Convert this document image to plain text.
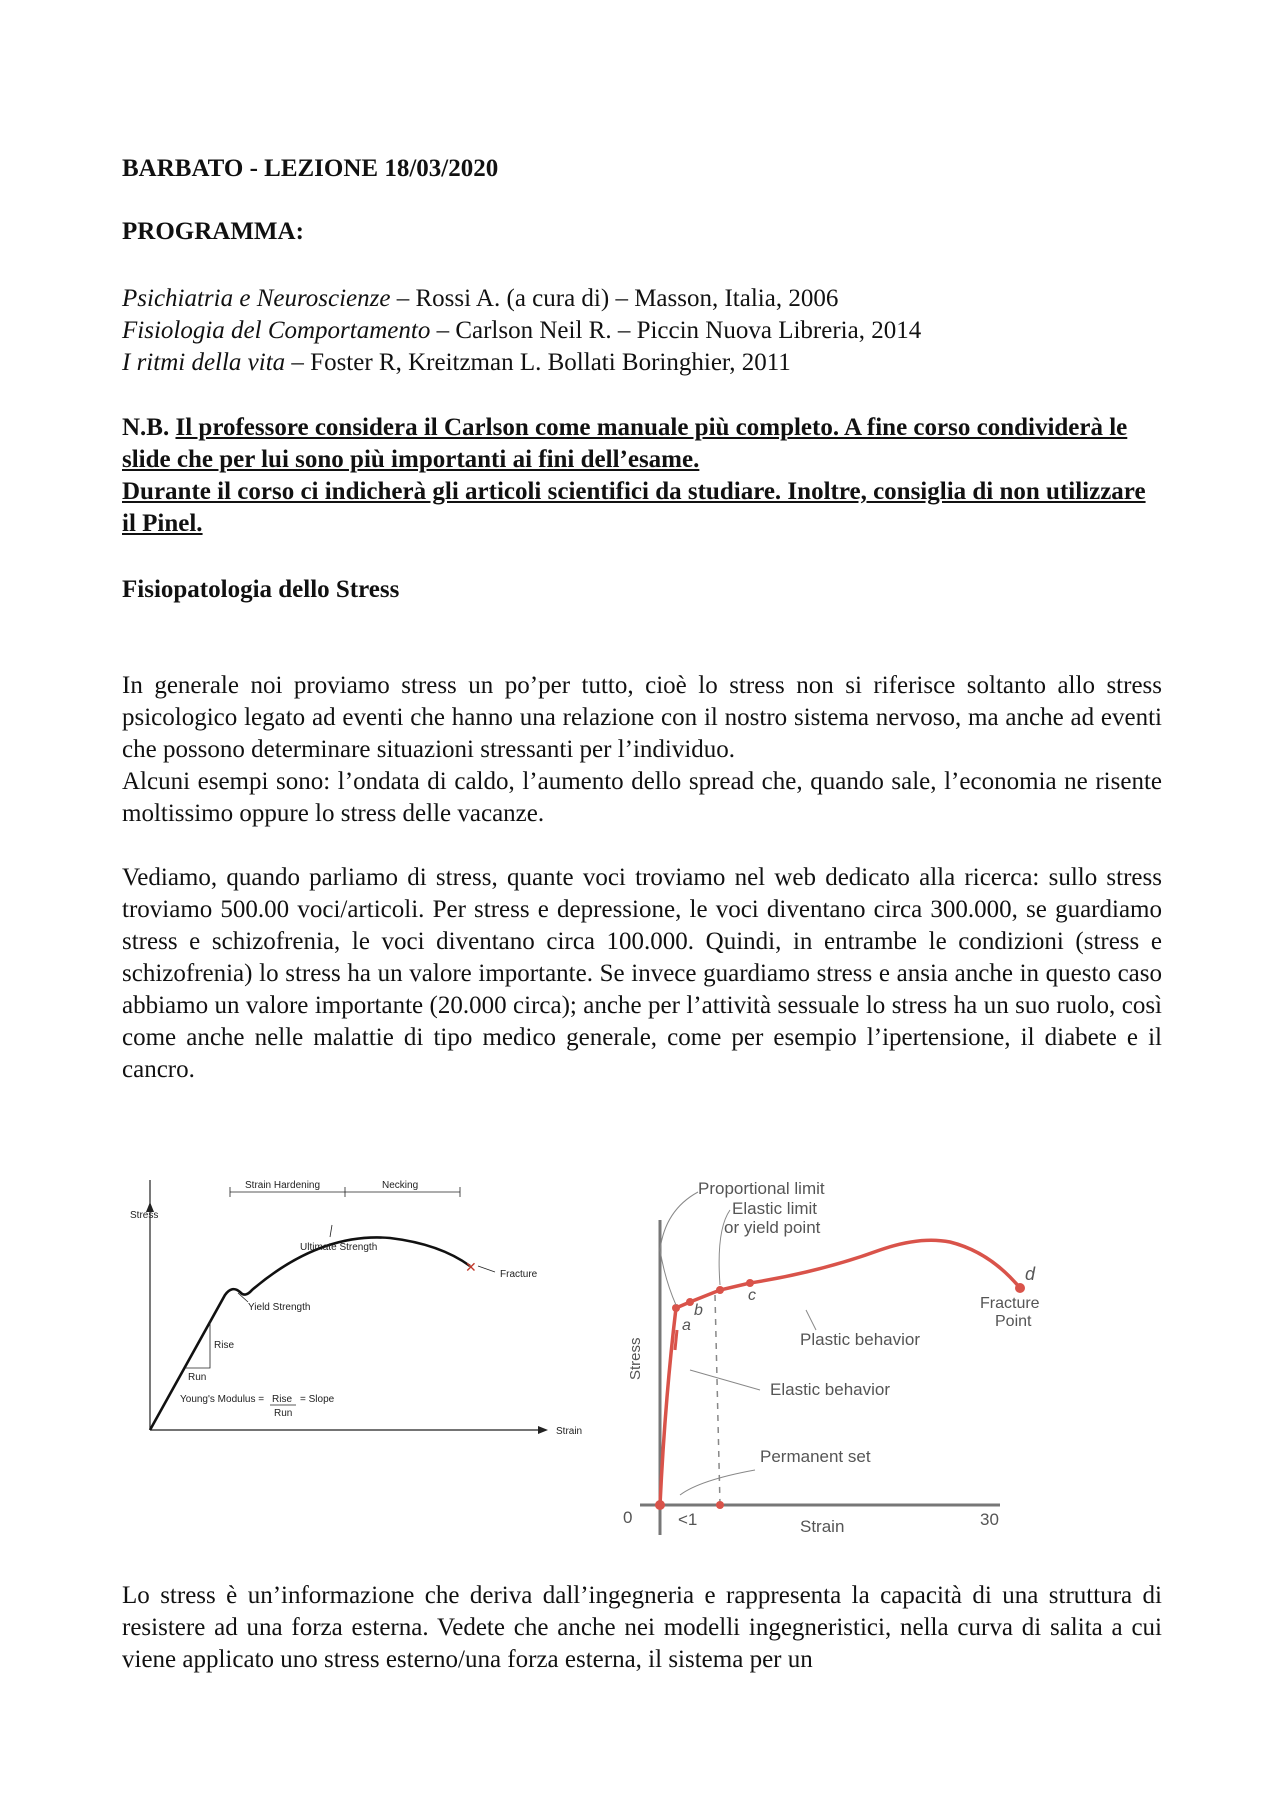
BARBATO - LEZIONE 18/03/2020
PROGRAMMA:
Psichiatria e Neuroscienze – Rossi A. (a cura di) – Masson, Italia, 2006
Fisiologia del Comportamento – Carlson Neil R. – Piccin Nuova Libreria, 2014
I ritmi della vita – Foster R, Kreitzman L. Bollati Boringhier, 2011
N.B. Il professore considera il Carlson come manuale più completo. A fine corso condividerà le slide che per lui sono più importanti ai fini dell’esame.
Durante il corso ci indicherà gli articoli scientifici da studiare. Inoltre, consiglia di non utilizzare il Pinel.
Fisiopatologia dello Stress

In generale noi proviamo stress un po’per tutto, cioè lo stress non si riferisce soltanto allo stress psicologico legato ad eventi che hanno una relazione con il nostro sistema nervoso, ma anche ad eventi che possono determinare situazioni stressanti per l’individuo.

Alcuni esempi sono: l’ondata di caldo, l’aumento dello spread che, quando sale, l’economia ne risente moltissimo oppure lo stress delle vacanze.

Vediamo, quando parliamo di stress, quante voci troviamo nel web dedicato alla ricerca: sullo stress troviamo 500.00 voci/articoli. Per stress e depressione, le voci diventano circa 300.000, se guardiamo stress e schizofrenia, le voci diventano circa 100.000. Quindi, in entrambe le condizioni (stress e schizofrenia) lo stress ha un valore importante. Se invece guardiamo stress e ansia anche in questo caso abbiamo un valore importante (20.000 circa); anche per l’attività sessuale lo stress ha un suo ruolo, così come anche nelle malattie di tipo medico generale, come per esempio l’ipertensione, il diabete e il cancro.

Stress
Strain
✕ Fracture
Strain Hardening	Necking
Ultimate Strength
Yield Strength
Rise
Run
Young's Modulus = Rise
Run
= Slope
Proportional limit
Elastic limit
or yield point
a
b
c
d
Fracture
Point
Plastic behavior
Elastic behavior
Permanent set
Stress
Strain
0	<1	30

Lo stress è un’informazione che deriva dall’ingegneria e rappresenta la capacità di una struttura di resistere ad una forza esterna. Vedete che anche nei modelli ingegneristici, nella curva di salita a cui viene applicato uno stress esterno/una forza esterna, il sistema per un
